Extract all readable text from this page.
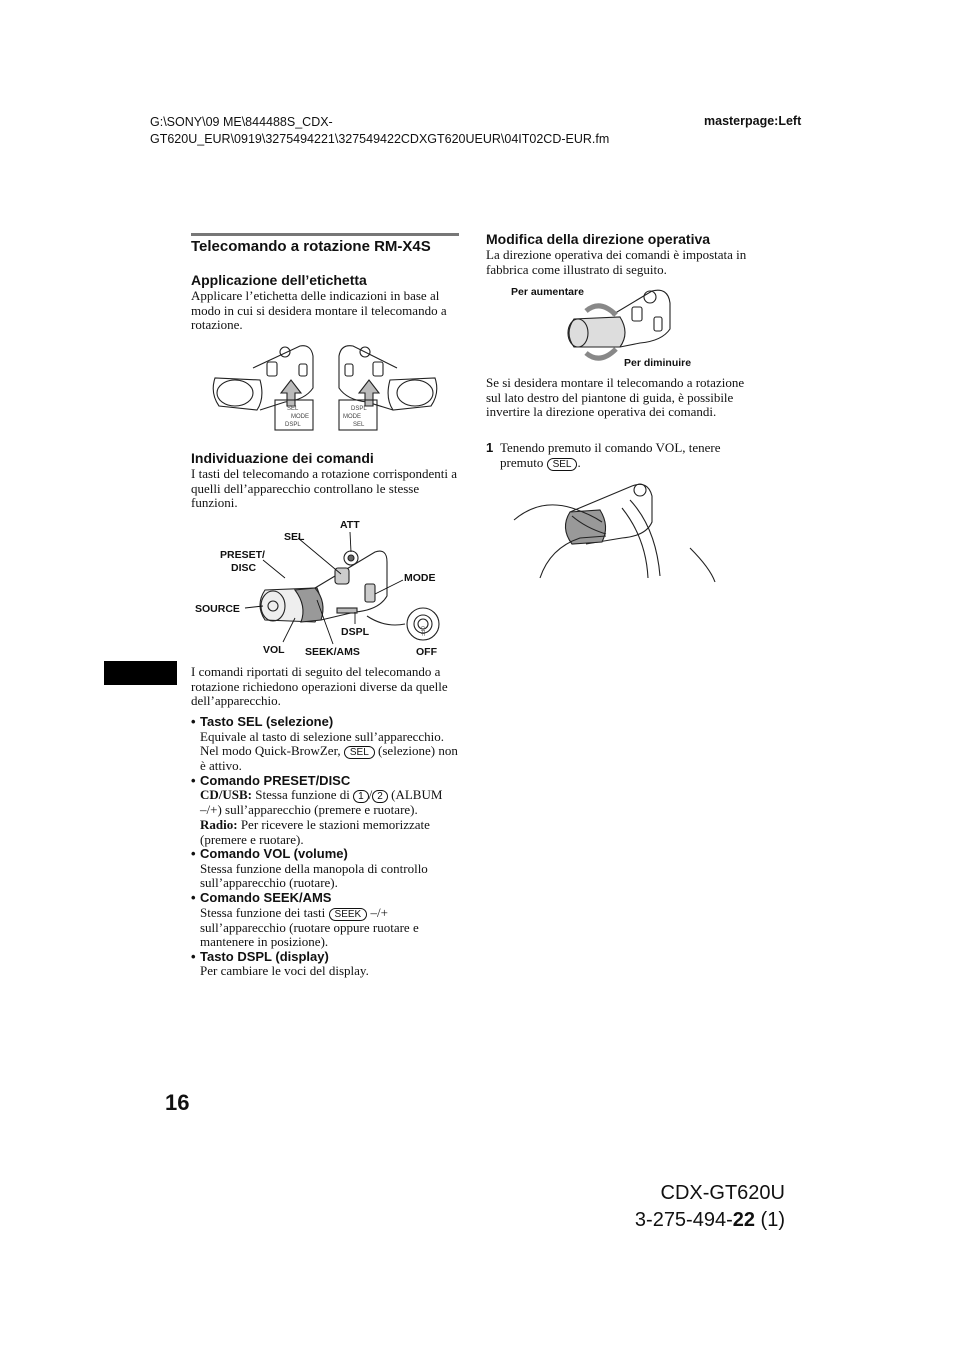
G:\SONY\09 ME\844488S_CDX-
GT620U_EUR\0919\3275494221\327549422CDXGT620UEUR\04IT02CD-EUR.fm
masterpage:Left
Telecomando a rotazione RM-X4S
Applicazione dell’etichetta
Applicare l’etichetta delle indicazioni in base al modo in cui si desidera montare il telecomando a rotazione.
SEL
MODE
DSPL
DSPL
MODE
SEL
Individuazione dei comandi
I tasti del telecomando a rotazione corrispondenti a quelli dell’apparecchio controllano le stesse funzioni.
OFF
ATT
SEL
PRESET/
DISC
MODE
SOURCE
DSPL
VOL SEEK/AMS	OFF
I comandi riportati di seguito del telecomando a rotazione richiedono operazioni diverse da quelle dell’apparecchio.
• Tasto SEL (selezione)
Equivale al tasto di selezione sull’apparecchio. Nel modo Quick-BrowZer, SEL (selezione) non è attivo.
• Comando PRESET/DISC
CD/USB: Stessa funzione di 1 / 2 (ALBUM –/+) sull’apparecchio (premere e ruotare).
Radio: Per ricevere le stazioni memorizzate (premere e ruotare).
• Comando VOL (volume)
Stessa funzione della manopola di controllo sull’apparecchio (ruotare).
• Comando SEEK/AMS
Stessa funzione dei tasti SEEK –/+ sull’apparecchio (ruotare oppure ruotare e mantenere in posizione).
• Tasto DSPL (display)
Per cambiare le voci del display.
Modifica della direzione operativa
La direzione operativa dei comandi è impostata in fabbrica come illustrato di seguito.
Per aumentare
Per diminuire
Se si desidera montare il telecomando a rotazione sul lato destro del piantone di guida, è possibile invertire la direzione operativa dei comandi.
1 Tenendo premuto il comando VOL, tenere premuto SEL .
16
CDX-GT620U
3-275-494-22 (1)
